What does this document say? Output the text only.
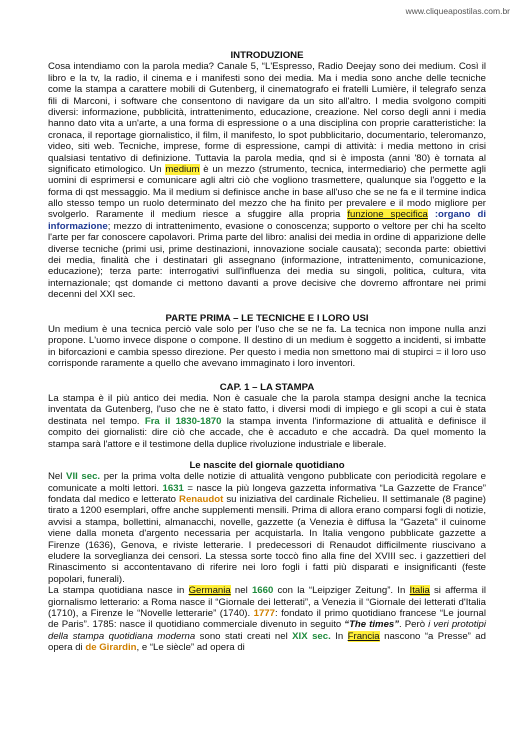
www.cliqueapostilas.com.br

INTRODUZIONE

Cosa intendiamo con la parola media? Canale 5, “L'Espresso, Radio Deejay sono dei medium. Così il libro e la tv, la radio, il cinema e i manifesti sono dei media. Ma i media sono anche delle tecniche come la stampa a carattere mobili di Gutenberg, il cinematografo ei fratelli Lumière, il telegrafo senza fili di Marconi, i software che consentono di navigare da un sito all'altro. I media svolgono compiti diversi: informazione, pubblicità, intrattenimento, educazione, creazione. Nel corso degli anni i media hanno dato vita a un'arte, a una forma di espressione o a una disciplina con proprie caratteristiche: la cronaca, il reportage giornalistico, il film, il manifesto, lo spot pubblicitario, documentario, teleromanzo, video, siti web. Tecniche, imprese, forme di espressione, campi di attività: i media mettono in crisi qualsiasi tentativo di definizione. Tuttavia la parola media, qnd si è imposta (anni '80) è tornata al significato etimologico. Un medium è un mezzo (strumento, tecnica, intermediario) che permette agli uomini di esprimersi e comunicare agli altri ciò che vogliono trasmettere, qualunque sia l'oggetto e la forma di qst messaggio. Ma il medium si definisce anche in base all'uso che se ne fa e il termine indica allo stesso tempo un ruolo determinato del mezzo che ha finito per prevalere e il modo migliore per svolgerlo. Raramente il medium riesce a sfuggire alla propria funzione specifica :organo di informazione; mezzo di intrattenimento, evasione o conoscenza; supporto o veltore per chi ha scelto l'arte per far conoscere capolavori. Prima parte del libro: analisi dei media in ordine di apparizione delle diverse tecniche (primi usi, prime destinazioni, innovazione sociale causata); seconda parte: obiettivi dei media, finalità che i destinatari gli assegnano (informazione, intrattenimento, comunicazione, educazione); terza parte: interrogativi sull'influenza dei media su singoli, politica, cultura, vita internazionale; qst domande ci mettono davanti a prove decisive che dovremo affrontare nei primi decenni del XXI sec.

PARTE PRIMA – LE TECNICHE E I LORO USI

Un medium è una tecnica perciò vale solo per l'uso che se ne fa. La tecnica non impone nulla anzi propone. L'uomo invece dispone o compone. Il destino di un medium è soggetto a incidenti, si imbatte in biforcazioni e cambia spesso direzione. Per questo i media non smettono mai di stupirci = il loro uso corrisponde raramente a quello che avevano immaginato i loro inventori.

CAP. 1 – LA STAMPA

La stampa è il più antico dei media. Non è casuale che la parola stampa designi anche la tecnica inventata da Gutenberg, l'uso che ne è stato fatto, i diversi modi di impiego e gli scopi a cui è stata destinata nel tempo. Fra il 1830-1870 la stampa inventa l'informazione di attualità e definisce il compito dei giornalisti: dire ciò che accade, che è accaduto e che accadrà. Da quel momento la stampa sarà l'attore e il testimone della duplice rivoluzione industriale e liberale.

Le nascite del giornale quotidiano

Nel VII sec. per la prima volta delle notizie di attualità vengono pubblicate con periodicità regolare e comunicate a molti lettori. 1631 = nasce la più longeva gazzetta informativa “La Gazzette de France” fondata dal medico e letterato Renaudot su iniziativa del cardinale Richelieu. Il settimanale (8 pagine) tirato a 1200 esemplari, offre anche supplementi mensili. Prima di allora erano comparsi fogli di notizie, avvisi a stampa, bollettini, almanacchi, novelle, gazzette (a Venezia è diffusa la “Gazeta” il cuinome viene dalla moneta d'argento necessaria per acquistarla. In Italia vengono pubblicate gazzette a Firenze (1636), Genova, e riviste letterarie. I predecessori di Renaudot difficilmente riuscivano a eludere la sorveglianza dei censori. La stessa sorte toccò fino alla fine del XVIII sec. i gazzettieri del Rinascimento si accontentavano di riferire nei loro fogli i fatti più disparati e insignificanti (feste popolari, funerali).

La stampa quotidiana nasce in Germania nel 1660 con la “Leipziger Zeitung”. In Italia si afferma il giornalismo letterario: a Roma nasce il “Giornale dei letterati”, a Venezia il “Giornale dei letterati d'Italia (1710), a Firenze le “Novelle letterarie” (1740). 1777: fondato il primo quotidiano francese “Le journal de Paris”. 1785: nasce il quotidiano commerciale divenuto in seguito “The times”. Però i veri prototipi della stampa quotidiana moderna sono stati creati nel XIX sec. In Francia nascono “a Presse” ad opera di de Girardin, e “Le siècle” ad opera di
